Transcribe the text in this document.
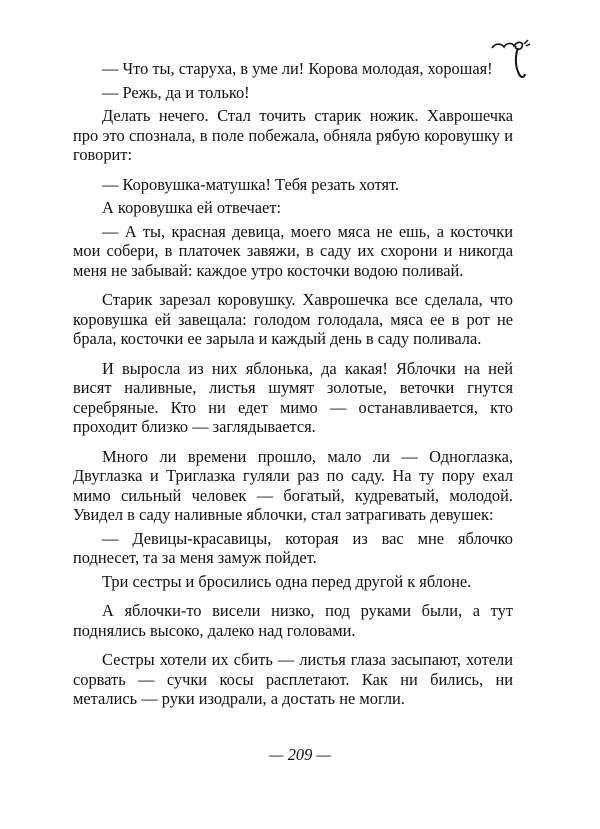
— Что ты, старуха, в уме ли! Корова молодая, хорошая!

— Режь, да и только!

Делать нечего. Стал точить старик ножик. Хаврошечка про это спознала, в поле побежала, обняла рябую коровушку и говорит:

— Коровушка-матушка! Тебя резать хотят.

А коровушка ей отвечает:

— А ты, красная девица, моего мяса не ешь, а косточки мои собери, в платочек завяжи, в саду их схорони и никогда меня не забывай: каждое утро косточки водою поливай.

Старик зарезал коровушку. Хаврошечка все сделала, что коровушка ей завещала: голодом голодала, мяса ее в рот не брала, косточки ее зарыла и каждый день в саду поливала.

И выросла из них яблонька, да какая! Яблочки на ней висят наливные, листья шумят золотые, веточки гнутся серебряные. Кто ни едет мимо — останавливается, кто проходит близко — заглядывается.

Много ли времени прошло, мало ли — Одноглазка, Двуглазка и Триглазка гуляли раз по саду. На ту пору ехал мимо сильный человек — богатый, кудреватый, молодой. Увидел в саду наливные яблочки, стал затрагивать девушек:

— Девицы-красавицы, которая из вас мне яблочко поднесет, та за меня замуж пойдет.

Три сестры и бросились одна перед другой к яблоне.

А яблочки-то висели низко, под руками были, а тут поднялись высоко, далеко над головами.

Сестры хотели их сбить — листья глаза засыпают, хотели сорвать — сучки косы расплетают. Как ни бились, ни метались — руки изодрали, а достать не могли.

— 209 —
